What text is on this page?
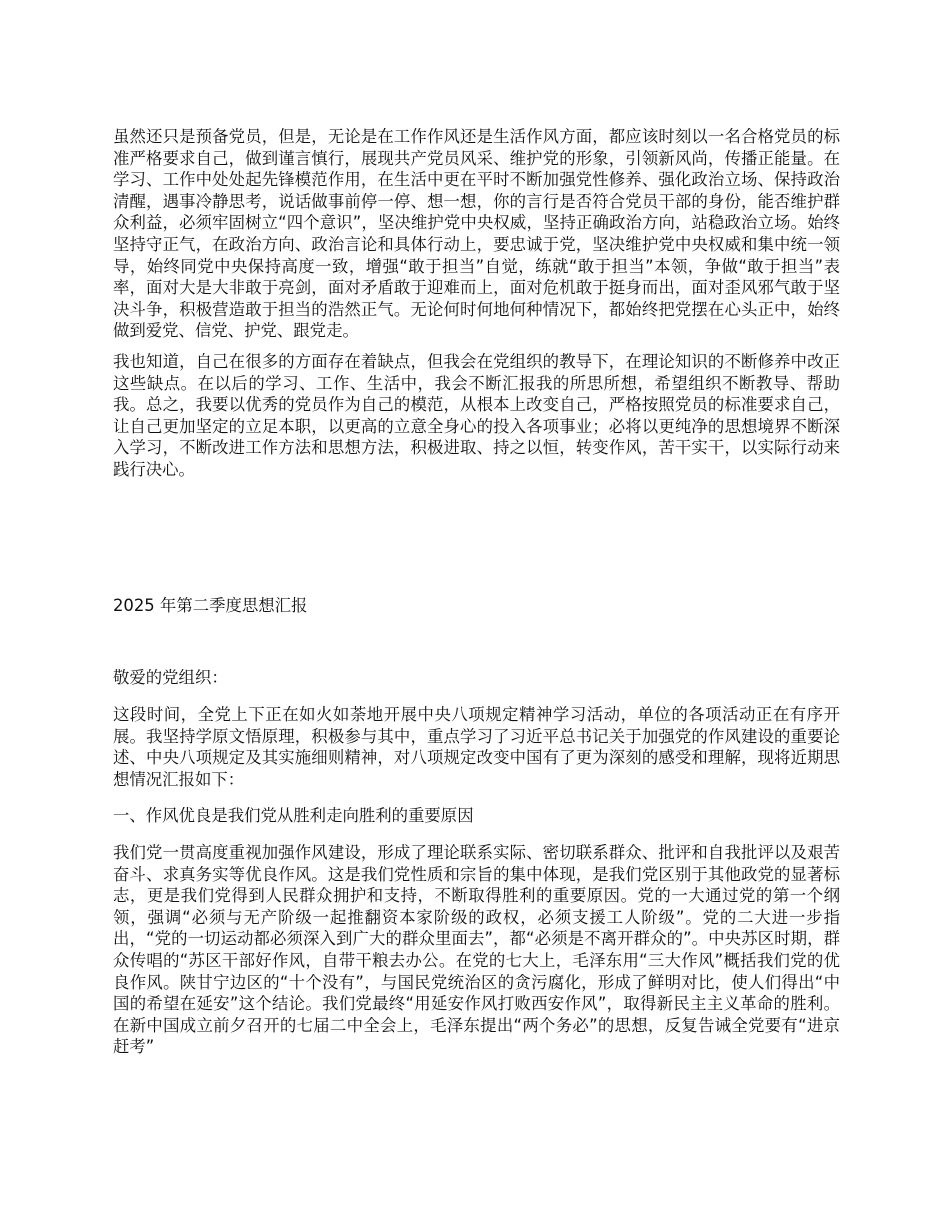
虽然还只是预备党员，但是，无论是在工作作风还是生活作风方面，都应该时刻以一名合格党员的标准严格要求自己，做到谨言慎行，展现共产党员风采、维护党的形象，引领新风尚，传播正能量。在学习、工作中处处起先锋模范作用，在生活中更在平时不断加强党性修养、强化政治立场、保持政治清醒，遇事冷静思考，说话做事前停一停、想一想，你的言行是否符合党员干部的身份，能否维护群众利益，必须牢固树立“四个意识”，坚决维护党中央权威，坚持正确政治方向，站稳政治立场。始终坚持守正气，在政治方向、政治言论和具体行动上，要忠诚于党，坚决维护党中央权威和集中统一领导，始终同党中央保持高度一致，增强“敢于担当”自觉，练就“敢于担当”本领，争做“敢于担当”表率，面对大是大非敢于亮剑，面对矛盾敢于迎难而上，面对危机敢于挺身而出，面对歪风邪气敢于坚决斗争，积极营造敢于担当的浩然正气。无论何时何地何种情况下，都始终把党摆在心头正中，始终做到爱党、信党、护党、跟党走。

我也知道，自己在很多的方面存在着缺点，但我会在党组织的教导下，在理论知识的不断修养中改正这些缺点。在以后的学习、工作、生活中，我会不断汇报我的所思所想，希望组织不断教导、帮助我。总之，我要以优秀的党员作为自己的模范，从根本上改变自己，严格按照党员的标准要求自己，让自己更加坚定的立足本职，以更高的立意全身心的投入各项事业；必将以更纯净的思想境界不断深入学习，不断改进工作方法和思想方法，积极进取、持之以恒，转变作风，苦干实干，以实际行动来践行决心。

2025 年第二季度思想汇报

敬爱的党组织：

这段时间，全党上下正在如火如荼地开展中央八项规定精神学习活动，单位的各项活动正在有序开展。我坚持学原文悟原理，积极参与其中，重点学习了习近平总书记关于加强党的作风建设的重要论述、中央八项规定及其实施细则精神，对八项规定改变中国有了更为深刻的感受和理解，现将近期思想情况汇报如下：

一、作风优良是我们党从胜利走向胜利的重要原因

我们党一贯高度重视加强作风建设，形成了理论联系实际、密切联系群众、批评和自我批评以及艰苦奋斗、求真务实等优良作风。这是我们党性质和宗旨的集中体现，是我们党区别于其他政党的显著标志，更是我们党得到人民群众拥护和支持，不断取得胜利的重要原因。党的一大通过党的第一个纲领，强调“必须与无产阶级一起推翻资本家阶级的政权，必须支援工人阶级”。党的二大进一步指出，“党的一切运动都必须深入到广大的群众里面去”，都“必须是不离开群众的”。中央苏区时期，群众传唱的“苏区干部好作风，自带干粮去办公。在党的七大上，毛泽东用“三大作风”概括我们党的优良作风。陕甘宁边区的“十个没有”，与国民党统治区的贪污腐化，形成了鲜明对比，使人们得出“中国的希望在延安”这个结论。我们党最终“用延安作风打败西安作风”，取得新民主主义革命的胜利。在新中国成立前夕召开的七届二中全会上，毛泽东提出“两个务必”的思想，反复告诫全党要有“进京赶考”
